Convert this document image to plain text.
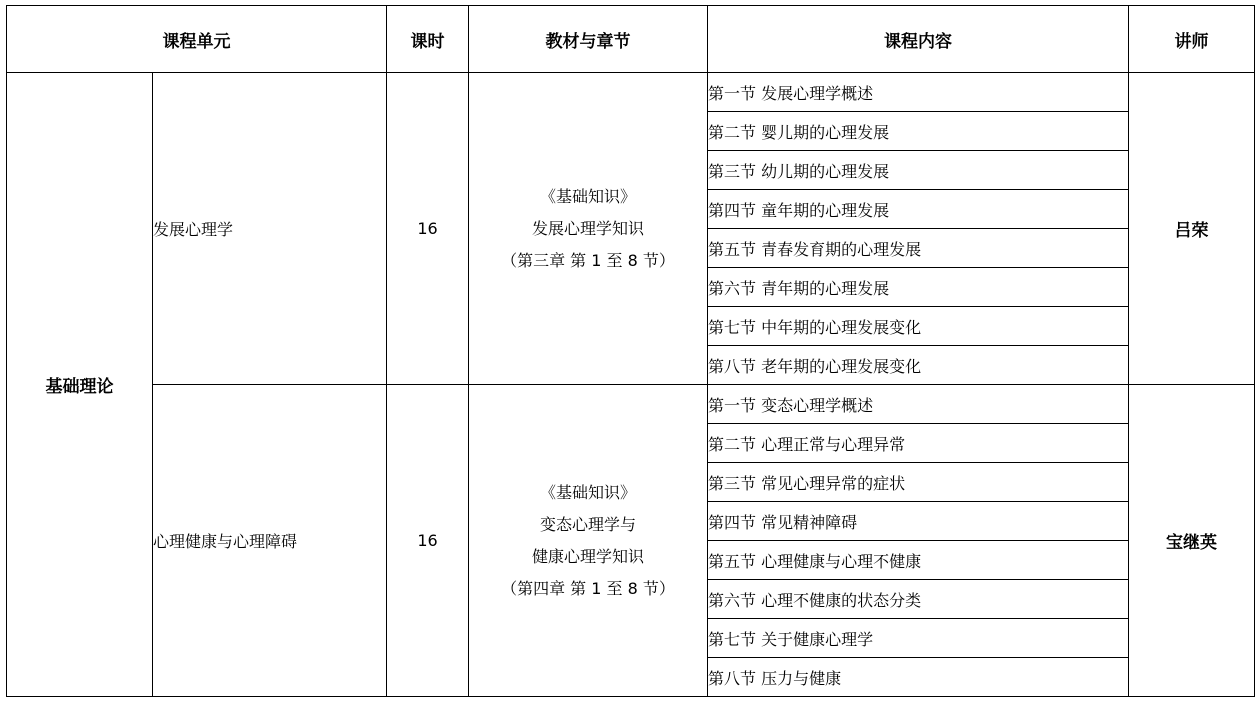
课程单元		课时	教材与章节	课程内容	讲师
基础理论	发展心理学	16	《基础知识》
发展心理学知识
（第三章 第 1 至 8 节）	第一节 发展心理学概述	吕荣
				第二节 婴儿期的心理发展	
				第三节 幼儿期的心理发展	
				第四节 童年期的心理发展	
				第五节 青春发育期的心理发展	
				第六节 青年期的心理发展	
				第七节 中年期的心理发展变化	
				第八节 老年期的心理发展变化	
	心理健康与心理障碍	16	《基础知识》
变态心理学与
健康心理学知识
（第四章 第 1 至 8 节）	第一节 变态心理学概述	宝继英
				第二节 心理正常与心理异常	
				第三节 常见心理异常的症状	
				第四节 常见精神障碍	
				第五节 心理健康与心理不健康	
				第六节 心理不健康的状态分类	
				第七节 关于健康心理学	
				第八节 压力与健康	
